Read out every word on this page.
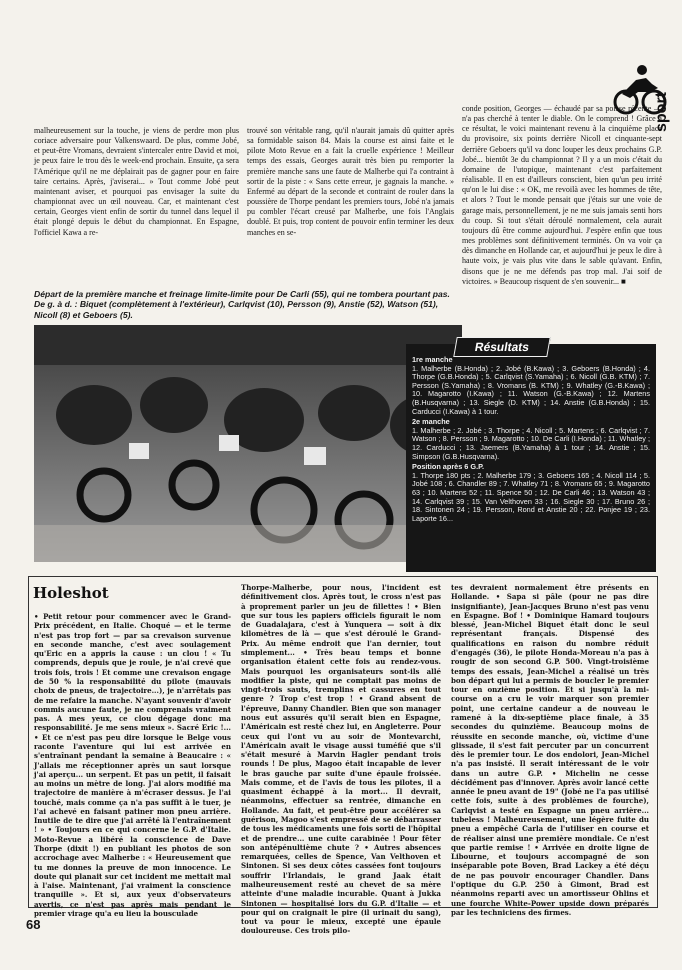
sport

malheureusement sur la touche, je viens de perdre mon plus coriace adversaire pour Valkenswaard. De plus, comme Jobé, et peut-être Vromans, devraient s'intercaler entre David et moi, je peux faire le trou dès le week-end prochain. Ensuite, ça sera l'Amérique qu'il ne me déplairait pas de gagner pour en faire taire certains. Après, j'aviserai... » Tout comme Jobé peut maintenant aviser, et pourquoi pas envisager la suite du championnat avec un œil nouveau. Car, et maintenant c'est certain, Georges vient enfin de sortir du tunnel dans lequel il était plongé depuis le début du championnat. En Espagne, l'officiel Kawa a re-

trouvé son véritable rang, qu'il n'aurait jamais dû quitter après sa formidable saison 84. Mais la course est ainsi faite et le pilote Moto Revue en a fait la cruelle expérience ! Meilleur temps des essais, Georges aurait très bien pu remporter la première manche sans une faute de Malherbe qui l'a contraint à sortir de la piste : « Sans cette erreur, je gagnais la manche. » Enfermé au départ de la seconde et contraint de rouler dans la poussière de Thorpe pendant les premiers tours, Jobé n'a jamais pu combler l'écart creusé par Malherbe, une fois l'Anglais doublé. Et puis, trop content de pouvoir enfin terminer les deux manches en se-

conde position, Georges — échaudé par sa poisse récente — n'a pas cherché à tenter le diable. On le comprend ! Grâce à ce résultat, le voici maintenant revenu à la cinquième place du provisoire, six points derrière Nicoll et cinquante-sept derrière Geboers qu'il va donc louper les deux prochains G.P. Jobé... bientôt 3e du championnat ? Il y a un mois c'était du domaine de l'utopique, maintenant c'est parfaitement réalisable. Il en est d'ailleurs conscient, bien qu'un peu irrité qu'on le lui dise : « OK, me revoilà avec les hommes de tête, et alors ? Tout le monde pensait que j'étais sur une voie de garage mais, personnellement, je ne me suis jamais senti hors du coup. Si tout s'était déroulé normalement, cela aurait toujours dû être comme aujourd'hui. J'espère enfin que tous mes problèmes sont définitivement terminés. On va voir ça dès dimanche en Hollande car, et aujourd'hui je peux le dire à haute voix, je vais plus vite dans le sable qu'avant. Enfin, disons que je ne me défends pas trop mal. J'ai soif de victoires. » Beaucoup risquent de s'en souvenir... ■

Départ de la première manche et freinage limite-limite pour De Carli (55), qui ne tombera pourtant pas. De g. à d. : Biquet (complètement à l'extérieur), Carlqvist (10), Persson (9), Anstie (52), Watson (51), Nicoll (8) et Geboers (5).
1re manche
1. Malherbe (B.Honda) ; 2. Jobé (B.Kawa) ; 3. Geboers (B.Honda) ; 4. Thorpe (G.B.Honda) ; 5. Carlqvist (S.Yamaha) ; 6. Nicoll (G.B. KTM) ; 7. Persson (S.Yamaha) ; 8. Vromans (B. KTM) ; 9. Whatley (G.-B.Kawa) ; 10. Magarotto (I.Kawa) ; 11. Watson (G.-B.Kawa) ; 12. Martens (B.Husqvarna) ; 13. Siegle (D. KTM) ; 14. Anstie (G.B.Honda) ; 15. Carducci (I.Kawa) à 1 tour.
2e manche
1. Malherbe ; 2. Jobé ; 3. Thorpe ; 4. Nicoll ; 5. Martens ; 6. Carlqvist ; 7. Watson ; 8. Persson ; 9. Magarotto ; 10. De Carli (I.Honda) ; 11. Whatley ; 12. Carducci ; 13. Jaemers (B.Yamaha) à 1 tour ; 14. Anstie ; 15. Simpson (G.B.Husqvarna).
Position après 6 G.P.
1. Thorpe 180 pts ; 2. Malherbe 179 ; 3. Geboers 165 ; 4. Nicoll 114 ; 5. Jobé 108 ; 6. Chandler 89 ; 7. Whatley 71 ; 8. Vromans 65 ; 9. Magarotto 63 ; 10. Martens 52 ; 11. Spence 50 ; 12. De Carli 46 ; 13. Watson 43 ; 14. Carlqvist 39 ; 15. Van Velthoven 33 ; 16. Siegle 30 ; 17. Bruno 26 ; 18. Sintonen 24 ; 19. Persson, Rond et Anstie 20 ; 22. Ponjee 19 ; 23. Laporte 16...
Résultats
Holeshot

• Petit retour pour commencer avec le Grand-Prix précédent, en Italie. Choqué — et le terme n'est pas trop fort — par sa crevaison survenue en seconde manche, c'est avec soulagement qu'Eric en a appris la cause : un clou ! « Tu comprends, depuis que je roule, je n'ai crevé que trois fois, trois ! Et comme une crevaison engage de 50 % la responsabilité du pilote (mauvais choix de pneus, de trajectoire...), je n'arrêtais pas de me refaire la manche. N'ayant souvenir d'avoir commis aucune faute, je ne comprenais vraiment pas. A mes yeux, ce clou dégage donc ma responsabilité. Je me sens mieux ». Sacré Eric !... • Et ce n'est pas peu dire lorsque le Belge vous raconte l'aventure qui lui est arrivée en s'entraînant pendant la semaine à Beaucaire : « J'allais me réceptionner après un saut lorsque j'ai aperçu... un serpent. Et pas un petit, il faisait au moins un mètre de long. J'ai alors modifié ma trajectoire de manière à m'écraser dessus. Je l'ai touché, mais comme ça n'a pas suffit à le tuer, je l'ai achevé en faisant patiner mon pneu arrière. Inutile de te dire que j'ai arrêté là l'entraînement ! » • Toujours en ce qui concerne le G.P. d'Italie. Moto-Revue a libéré la conscience de Dave Thorpe (dixit !) en publiant les photos de son accrochage avec Malherbe : « Heureusement que tu me donnes la preuve de mon innocence. Le doute qui planait sur cet incident me mettait mal à l'aise. Maintenant, j'ai vraiment la conscience tranquille ». Et si, aux yeux d'observateurs avertis, ce n'est pas après mais pendant le premier virage qu'a eu lieu la bousculade

Thorpe-Malherbe, pour nous, l'incident est définitivement clos. Après tout, le cross n'est pas à proprement parler un jeu de fillettes ! • Bien que sur tous les papiers officiels figurait le nom de Guadalajara, c'est à Yunquera — soit à dix kilomètres de là — que s'est déroulé le Grand-Prix. Au même endroit que l'an dernier, tout simplement... • Très beau temps et bonne organisation étaient cette fois au rendez-vous. Mais pourquoi les organisateurs sont-ils allé modifier la piste, qui ne comptait pas moins de vingt-trois sauts, tremplins et cassures en tout genre ? Trop c'est trop ! • Grand absent de l'épreuve, Danny Chandler. Bien que son manager nous eut assurés qu'il serait bien en Espagne, l'Américain est resté chez lui, en Angleterre. Pour ceux qui l'ont vu au soir de Montevarchi, l'Américain avait le visage aussi tuméfié que s'il s'était mesuré à Marvin Hagler pendant trois rounds ! De plus, Magoo était incapable de lever le bras gauche par suite d'une épaule froissée. Mais comme, et de l'avis de tous les pilotes, il a quasiment échappé à la mort... Il devrait, néanmoins, effectuer sa rentrée, dimanche en Hollande. Au fait, et peut-être pour accélérer sa guérison, Magoo s'est empressé de se débarrasser de tous les médicaments une fois sorti de l'hôpital et de prendre... une cuite carabinée ! Pour fêter son antépénultième chute ? • Autres absences remarquées, celles de Spence, Van Velthoven et Sintonen. Si ses deux côtes cassées font toujours souffrir l'Irlandais, le grand Jaak était malheureusement resté au chevet de sa mère atteinte d'une maladie incurable. Quant à Jukka Sintonen — hospitalisé lors du G.P. d'Italie — et pour qui on craignait le pire (il urinait du sang), tout va pour le mieux, excepté une épaule douloureuse. Ces trois pilo-

tes devraient normalement être présents en Hollande. • Sapa si pâle (pour ne pas dire insignifiante), Jean-Jacques Bruno n'est pas venu en Espagne. Bof ! • Dominique Hamard toujours blessé, Jean-Michel Biquet était donc le seul représentant français. Dispensé des qualifications en raison du nombre réduit d'engagés (36), le pilote Honda-Moreau n'a pas à rougir de son second G.P. 500. Vingt-troisième temps des essais, Jean-Michel a réalisé un très bon départ qui lui a permis de boucler le premier tour en onzième position. Et si jusqu'à la mi-course on a cru le voir marquer son premier point, une certaine candeur a de nouveau le ramené à la dix-septième place finale, à 35 secondes du quinzième. Beaucoup moins de réussite en seconde manche, où, victime d'une glissade, il s'est fait percuter par un concurrent dès le premier tour. Le dos endolori, Jean-Michel n'a pas insisté. Il serait intéressant de le voir dans un autre G.P. • Michelin ne cesse décidément pas d'innover. Après avoir lancé cette année le pneu avant de 19" (Jobé ne l'a pas utilisé cette fois, suite à des problèmes de fourche), Carlqvist a testé en Espagne un pneu arrière... tubeless ! Malheureusement, une légère fuite du pneu a empêché Carla de l'utiliser en course et de réaliser ainsi une première mondiale. Ce n'est que partie remise ! • Arrivée en droite ligne de Libourne, et toujours accompagné de son inséparable pote Boven, Brad Lackey a été déçu de ne pas pouvoir encourager Chandler. Dans l'optique du G.P. 250 à Gimont, Brad est néanmoins reparti avec un amortisseur Ohlins et une fourche White-Power upside down préparés par les techniciens des firmes.

68
